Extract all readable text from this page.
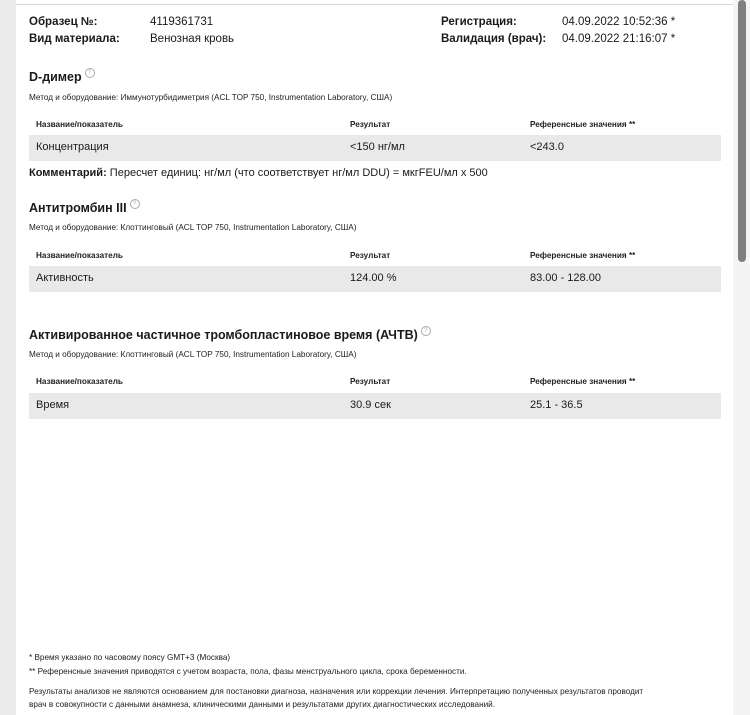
Образец №:	4119361731
Вид материала:	Венозная кровь
Регистрация:	04.09.2022 10:52:36 *
Валидация (врач): 04.09.2022 21:16:07 *
D-димер	?
Метод и оборудование: Иммунотурбидиметрия (ACL TOP 750, Instrumentation Laboratory, США)
Название/показатель	Результат	Референсные значения **
Концентрация	<150 нг/мл	<243.0
Комментарий: Пересчет единиц: нг/мл (что соответствует нг/мл DDU) = мкгFEU/мл х 500
Антитромбин III	?
Метод и оборудование: Клоттинговый (ACL TOP 750, Instrumentation Laboratory, США)
Название/показатель	Результат	Референсные значения **
Активность	124.00 %	83.00 - 128.00
Активированное частичное тромбопластиновое время (АЧТВ)	?
Метод и оборудование: Клоттинговый (ACL TOP 750, Instrumentation Laboratory, США)
Название/показатель	Результат	Референсные значения **
Время	30.9 сек	25.1 - 36.5
* Время указано по часовому поясу GMT+3 (Москва)
** Референсные значения приводятся с учетом возраста, пола, фазы менструального цикла, срока беременности.
Результаты анализов не являются основанием для постановки диагноза, назначения или коррекции лечения. Интерпретацию полученных результатов проводит
врач в совокупности с данными анамнеза, клиническими данными и результатами других диагностических исследований.
